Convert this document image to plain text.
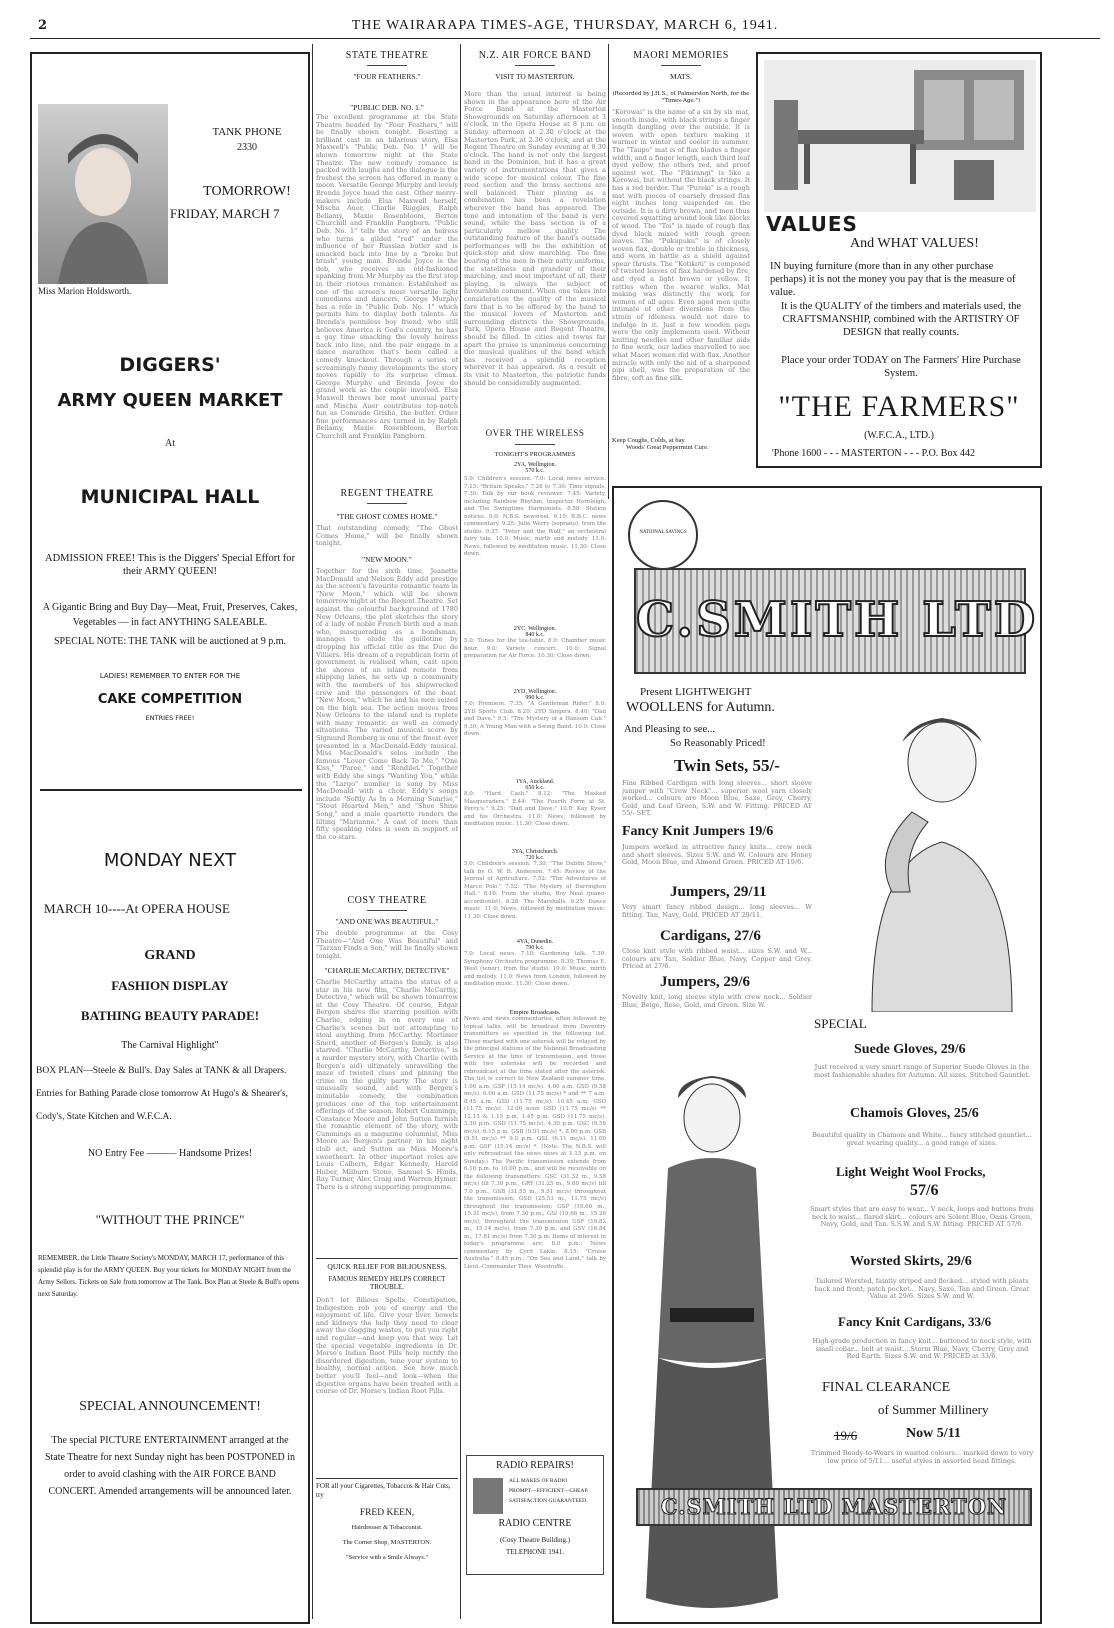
2	THE WAIRARAPA TIMES-AGE, THURSDAY, MARCH 6, 1941.
Miss Marion Holdsworth.
TANK PHONE
2330
TOMORROW!
FRIDAY, MARCH 7
DIGGERS'
ARMY QUEEN MARKET
At
MUNICIPAL HALL
ADMISSION FREE! This is the Diggers' Special Effort for their ARMY QUEEN!
A Gigantic Bring and Buy Day—Meat, Fruit, Preserves, Cakes, Vegetables — in fact ANYTHING SALEABLE.
SPECIAL NOTE: THE TANK will be auctioned at 9 p.m.
LADIES! REMEMBER TO ENTER FOR THE
CAKE COMPETITION
ENTRIES FREE!
MONDAY NEXT
MARCH 10----At OPERA HOUSE
GRAND
FASHION DISPLAY
BATHING BEAUTY PARADE!
The Carnival Highlight"
BOX PLAN—Steele & Bull's. Day Sales at TANK & all Drapers. Entries for Bathing Parade close tomorrow At Hugo's & Shearer's, Cody's, State Kitchen and W.F.C.A.
NO Entry Fee ——— Handsome Prizes!
"WITHOUT THE PRINCE"
REMEMBER, the Little Theatre Society's MONDAY, MARCH 17, performance of this splendid play is for the ARMY QUEEN. Buy your tickets for MONDAY NIGHT from the Army Sellers. Tickets on Sale from tomorrow at The Tank. Box Plan at Steele & Bull's opens next Saturday.
SPECIAL ANNOUNCEMENT!
The special PICTURE ENTERTAINMENT arranged at the State Theatre for next Sunday night has been POSTPONED in order to avoid clashing with the AIR FORCE BAND CONCERT. Amended arrangements will be announced later.
STATE THEATRE
"FOUR FEATHERS."
"PUBLIC DEB. NO. 1."
The excellent programme at the State Theatre headed by "Four Feathers," will be finally shown tonight. Boasting a brilliant cast in an hilarious story, Elsa Maxwell's "Public Deb. No. 1" will be shown tomorrow night at the State Theatre. The new comedy romance is packed with laughs and the dialogue is the freshest the screen has offered in many a moon. Versatile George Murphy and lovely Brenda Joyce head the cast. Other merry-makers include Elsa Maxwell herself, Mischa Auer, Charlie Ruggles, Ralph Bellamy, Maxie Rosenbloom, Berton Churchill and Franklin Pangborn. "Public Deb. No. 1" tells the story of an heiress who turns a gilded "red" under the influence of her Russian butler and is smacked back into line by a "broke but brash" young man. Brenda Joyce is the deb, who receives an old-fashioned spanking from Mr Murphy as the first step in their riotous romance. Established as one of the screen's most versatile light comedians and dancers, George Murphy has a role in "Public Deb. No. 1" which permits him to display both talents. As Brenda's penniless boy friend, who still believes America is God's country, he has a gay time smacking the lovely heiress back into line, and the pair engage in a dance marathon that's been called a comedy knockout. Through a series of screamingly funny developments the story moves rapidly to its surprise climax. George Murphy and Brenda Joyce do grand work as the couple involved. Elsa Maxwell throws her most unusual party and Mischa Auer contributes top-notch fun as Comrade Grisha, the butler. Other fine performances are turned in by Ralph Bellamy, Maxie Rosenbloom, Berton Churchill and Franklin Pangborn.
REGENT THEATRE
"THE GHOST COMES HOME."
That outstanding comedy, "The Ghost Comes Home," will be finally shown tonight.
"NEW MOON."
Together for the sixth time, Jeanette MacDonald and Nelson Eddy add prestige as the screen's favourite romantic team in "New Moon," which will be shown tomorrow night at the Regent Theatre. Set against the colourful background of 1780 New Orleans, the plot sketches the story of a lady of noble French birth and a man who, masquerading as a bondsman, manages to elude the guillotine by dropping his official title as the Duc de Villiers. His dream of a republican form of government is realised when, cast upon the shores of an island remote from shipping lanes, he sets up a community with the members of his shipwrecked crew and the passengers of the boat. "New Moon," which he and his men seized on the high sea. The action moves from New Orleans to the island and is replete with many romantic as well as comedy situations. The varied musical score by Sigmund Romberg is one of the finest ever presented in a MacDonald-Eddy musical. Miss MacDonald's solos include the famous "Lover Come Back To Me," "One Kiss," "Paree," and "Rondilet." Together with Eddy she sings "Wanting You," while the "Largo" number is sung by Miss MacDonald with a choir. Eddy's songs include "Softly As In a Morning Sunrise," "Stout Hearted Men," and "Shoe Shine Song," and a male quartette renders the lilting "Marianne." A cast of more than fifty speaking roles is seen in support of the co-stars.
COSY THEATRE
"AND ONE WAS BEAUTIFUL."
The double programme at the Cosy Theatre—"And One Was Beautiful" and "Tarzan Finds a Son," will be finally shown tonight.
"CHARLIE McCARTHY, DETECTIVE"
Charlie McCarthy attains the status of a star in his new film, "Charlie McCarthy, Detective," which will be shown tomorrow at the Cosy Theatre. Of course, Edgar Bergen shares the starring position with Charlie, edging in on every one of Charlie's scenes but not attempting to steal anything from McCarthy. Mortimer Snerd, another of Bergen's family, is also starred. "Charlie McCarthy, Detective," is a murder mystery story, with Charlie (with Bergen's aid) ultimately unravelling the maze of twisted clues and pinning the crime on the guilty party. The story is unusually sound, and with Bergen's inimitable comedy, the combination produces one of the top entertainment offerings of the season. Robert Cummings, Constance Moore and John Sutton furnish the romantic element of the story, with Cummings as a magazine columnist, Miss Moore as Bergen's partner in his night club act, and Sutton as Miss Moore's sweetheart. In other important roles are Louis Calhern, Edgar Kennedy, Harold Huber, Milburn Stone, Samuel S. Hinds, Ray Turner, Alec Craig and Warren Hymer. There is a strong supporting programme.
QUICK RELIEF FOR BILIOUSNESS.
FAMOUS REMEDY HELPS CORRECT TROUBLE.
Don't let Bilious Spells, Constipation, Indigestion rob you of energy and the enjoyment of life. Give your liver, bowels and kidneys the help they need to clear away the clogging wastes, to put you right and regular—and keep you that way. Let the special vegetable ingredients in Dr. Morse's Indian Root Pills help rectify the disordered digestion, tone your system to healthy, normal action. See how much better you'll feel—and look—when the digestive organs have been treated with a course of Dr. Morse's Indian Root Pills.
FOR all your Cigarettes, Tobaccos & Hair Cuts, try
FRED KEEN,
Hairdresser & Tobacconist.
The Corner Shop, MASTERTON.
"Service with a Smile Always."
N.Z. AIR FORCE BAND
VISIT TO MASTERTON.
More than the usual interest is being shown in the appearance here of the Air Force Band at the Masterton Showgrounds on Saturday afternoon at 3 o'clock, in the Opera House at 8 p.m. on Sunday afternoon at 2.30 o'clock at the Masterton Park, at 2.30 o'clock, and at the Regent Theatre on Sunday evening at 8.30 o'clock. The band is not only the largest band in the Dominion, but it has a great variety of instrumentations that gives a wide scope for musical colour. The fine reed section and the brass sections are well balanced. Their playing as a combination has been a revelation wherever the band has appeared. The tone and intonation of the band is very sound, while the bass section is of a particularly mellow quality. The outstanding feature of the band's outside performances will be the exhibition of quick-step and slow marching. The fine bearing of the men in their natty uniforms, the stateliness and grandeur of their marching, and most important of all, their playing, is always the subject of favourable comment. When one takes into consideration the quality of the musical fare that is to be offered by the band to the musical lovers of Masterton and surrounding districts the Showgrounds, Park, Opera House and Regent Theatre, should be filled. In cities and towns far apart the praise is unanimous concerning the musical qualities of the band which has received a splendid reception wherever it has appeared. As a result of its visit to Masterton, the patriotic funds should be considerably augmented.
OVER THE WIRELESS
TONIGHT'S PROGRAMMES
2YA, Wellington.
570 k.c.
5.0: Children's session. 7.0: Local news service. 7.15: "Britain Speaks." 7.28 to 7.30: Time signals. 7.30: Talk by our book reviewer. 7.45: Variety, including Rainbow Rhythm, Inspector Hornleigh, and The Swingtime Harmonists. 8.58: Station notices. 9.0: N.B.S. newsreel. 9.15: B.B.C. news commentary. 9.25: Julie Werry (soprano), from the studio. 9.37: "Peter and the Wolf," an orchestral fairy tale. 10.0: Music, mirth and melody. 11.0: News, followed by meditation music. 11.30: Close down.
2YC, Wellington.
840 k.c.
5.0: Tunes for the tea-table. 8.0: Chamber music hour. 9.0: Variety concert. 10.0: Signal preparation for Air Force. 10.30: Close down.
2YD, Wellington.
990 k.c.
7.0: Premiere. 7.35: "A Gentleman Rider." 8.0: 2YD Sports Club. 8.20: 2YD Singers. 8.40: "Dad and Dave." 9.5: "The Mystery of a Hansom Cab." 9.30: A Young Man with a Swing Band. 10.0: Close down.
1YA, Auckland.
650 k.c.
8.0: "Hard Cash." 8.12: "The Masked Masqueraders." 8.44: "The Fourth Form at St. Percy's." 9.25: "Dad and Dave." 10.0: Kay Kyser and his Orchestra. 11.0: News, followed by meditation music. 11.30: Close down.
3YA, Christchurch.
720 k.c.
5.0: Children's session. 7.30: "The Dublin Show," talk by O. W. B. Anderson. 7.45: Review of the Journal of Agriculture. 7.52: "The Adventures of Marco Polo." 7.52: "The Mystery of Darrington Hall." 8.16: From the studio, Roy Neal (piano-accordionist). 8.28: The Marshalls. 9.25: Dance music. 11.0: News, followed by meditation music. 11.30: Close down.
4YA, Dunedin.
790 k.c.
7.0: Local news. 7.10: Gardening talk. 7.30: Symphony Orchestra programme. 8.30: Thomas E. West (tenor), from the studio. 10.0: Music, mirth and melody. 11.0: News from London, followed by meditation music. 11.30: Close down.
Empire Broadcasts.
News and news commentaries, often followed by topical talks, will be broadcast from Daventry transmitters as specified in the following list. Those marked with one asterisk will be relayed by the principal stations of the National Broadcasting Service at the time of transmission, and those with two asterisks will be recorded and rebroadcast at the time stated after the asterisk. The list is correct to New Zealand summer time. 1.00 a.m. GSF (15.14 mc/s). 4.00 a.m. GSD (9.58 mc/s). 6.00 a.m. GSD (11.75 mc/s) * and ** 7 a.m. 8.45 a.m. GSD (11.75 mc/s). 10.45 a.m. GSD (11.75 mc/s). 12.00 noon GSD (11.75 mc/s) ** 12.15 & 1.15 p.m. 1.45 p.m. GSD (11.75 mc/s). 3.30 p.m. GSD (11.75 mc/s). 4.30 p.m. GSC (9.58 mc/s). 6.15 p.m. GSB (9.51 mc/s) *. 8.00 p.m. GSB (9.51 mc/s) ** 9.0 p.m. GSL (6.11 mc/s). 11.00 p.m. GSF (15.14 mc/s) *. (Note: The N.B.S. will only rebroadcast the news news at 1.15 p.m. on Sunday.) The Pacific transmission extends from 6.10 p.m. to 10.00 p.m., and will be receivable on the following transmitters: GSC (31.32 m., 9.58 mc/s) till 7.30 p.m., GRY (31.25 m., 9.60 mc/s) till 7.0 p.m., GSB (31.55 m., 9.51 mc/s) throughout the transmission; GSD (25.53 m., 11.75 mc/s) throughout the transmission; GSP (19.60 m., 15.31 mc/s), from 7.30 p.m.; GSI (19.66 m., 15.26 mc/s), throughout the transmission GSF (19.82 m., 15.14 mc/s), from 7.30 p.m. and GSV (16.84 m., 17.81 mc/s) from 7.30 p.m. Items of interest in today's programme are: 8.0 p.m.: News commentary by Cyril Lakin. 8.15: "Cruise Australia." 8.45 p.m.: "On Sea and Land," talk by Lieut.-Commander Thos. Woodroffe.
RADIO REPAIRS!
ALL MAKES OF RADIO
PROMPT—EFFICIENT—CHEAP.
SATISFACTION GUARANTEED.
RADIO CENTRE
(Cosy Theatre Building.)
TELEPHONE 1941.
MAORI MEMORIES
MATS.
(Recorded by J.H.S., of Palmerston North, for the "Times-Age.")
"Korowai" is the name of a six by six mat, smooth inside, with black strings a finger length dangling over the outside. It is woven with open texture making it warmer in winter and cooler in summer. The "Taupo" mat is of flax blades a finger width, and a finger length, each third leaf dyed yellow, the others red, and proof against wet. The "Pikirangi" is like a Korowai, but without the black strings. It has a red border. The "Pureki" is a rough mat with pieces of coarsely dressed flax eight inches long suspended on the outside. It is a dirty brown, and men thus covered squatting around look like blocks of wood. The "Toi" is made of rough flax dyed black mixed with rough green leaves. The "Pukupuku" is of closely woven flax, double or treble in thickness, and worn in battle as a shield against spear thrusts. The "Kotikoti" is composed of twisted leaves of flax hardened by fire, and dyed a light brown or yellow. It rattles when the wearer walks. Mat making was distinctly the work for women of all ages. Even aged men quite intimate of other diversions from the strain of idleness would not dare to indulge in it. Just a few wooden pegs were the only implements used. Without knitting needles and other familiar aids to fine work, our ladies marvelled to see what Maori women did with flax. Another miracle with only the aid of a sharpened pipi shell, was the preparation of the fibre, soft as fine silk.
Keep Coughs, Colds, at bay.
Woods' Great Peppermint Cure.
VALUES
And WHAT VALUES!
IN buying furniture (more than in any other purchase perhaps) it is not the money you pay that is the measure of value.
It is the QUALITY of the timbers and materials used, the CRAFTSMANSHIP, combined with the ARTISTRY OF DESIGN that really counts.
Place your order TODAY on The Farmers' Hire Purchase System.
"THE FARMERS"
(W.F.C.A., LTD.)
'Phone 1600 - - - MASTERTON - - - P.O. Box 442
NATIONAL SAVINGS
C.SMITH LTD
Present LIGHTWEIGHT
WOOLLENS for Autumn.
And Pleasing to see...
So Reasonably Priced!
Twin Sets, 55/-
Fine Ribbed Cardigan with long sleeves... short sleeve jumper with "Crew Neck"... superior wool yarn closely worked... colours are Moon Blue, Saxe, Grey, Cherry, Gold, and Leaf Green, S.W. and W. Fitting. PRICED AT 55/- SET.
Fancy Knit Jumpers 19/6
Jumpers worked in attractive fancy knits... crew neck and short sleeves. Sizes S.W. and W. Colours are Honey Gold, Moon Blue, and Almond Green. PRICED AT 19/6.
Jumpers, 29/11
Very smart fancy ribbed design... long sleeves... W fitting. Tan, Navy, Gold. PRICED AT 29/11.
Cardigans, 27/6
Close knit style with ribbed waist... sizes S.W. and W... colours are Tan, Soldier Blue, Navy, Copper and Grey. Priced at 27/6.
Jumpers, 29/6
Novelty knit, long sleeve style with crew neck... Soldier Blue, Beige, Rose, Gold, and Green. Size W.
SPECIAL
Suede Gloves, 29/6
Just received a very smart range of Superior Suede Gloves in the most fashionable shades for Autumn. All sizes. Stitched Gauntlet.
Chamois Gloves, 25/6
Beautiful quality in Chamois and White... fancy stitched gauntlet... great wearing quality... a good range of sizes.
Light Weight Wool Frocks,
57/6
Smart styles that are easy to wear... V neck, loops and buttons from neck to waist... flared skirt... colours are Solent Blue, Oasis Green, Navy, Gold, and Tan. S.S.W. and S.W. fitting. PRICED AT 57/6.
Worsted Skirts, 29/6
Tailored Worsted, faintly striped and flecked... styled with pleats back and front; patch pocket... Navy, Saxe, Tan and Green. Great Value at 29/6. Sizes S.W. and W.
Fancy Knit Cardigans, 33/6
High-grade production in fancy knit... buttoned to neck style, with small collar... belt at waist... Storm Blue, Navy, Cherry, Grey and Red Earth. Sizes S.W. and W. PRICED at 33/6.
FINAL CLEARANCE
of Summer Millinery
19/6	Now 5/11
Trimmed Ready-to-Wears in wanted colours... marked down to very low price of 5/11... useful styles in assorted head fittings.
C.SMITH LTD MASTERTON
